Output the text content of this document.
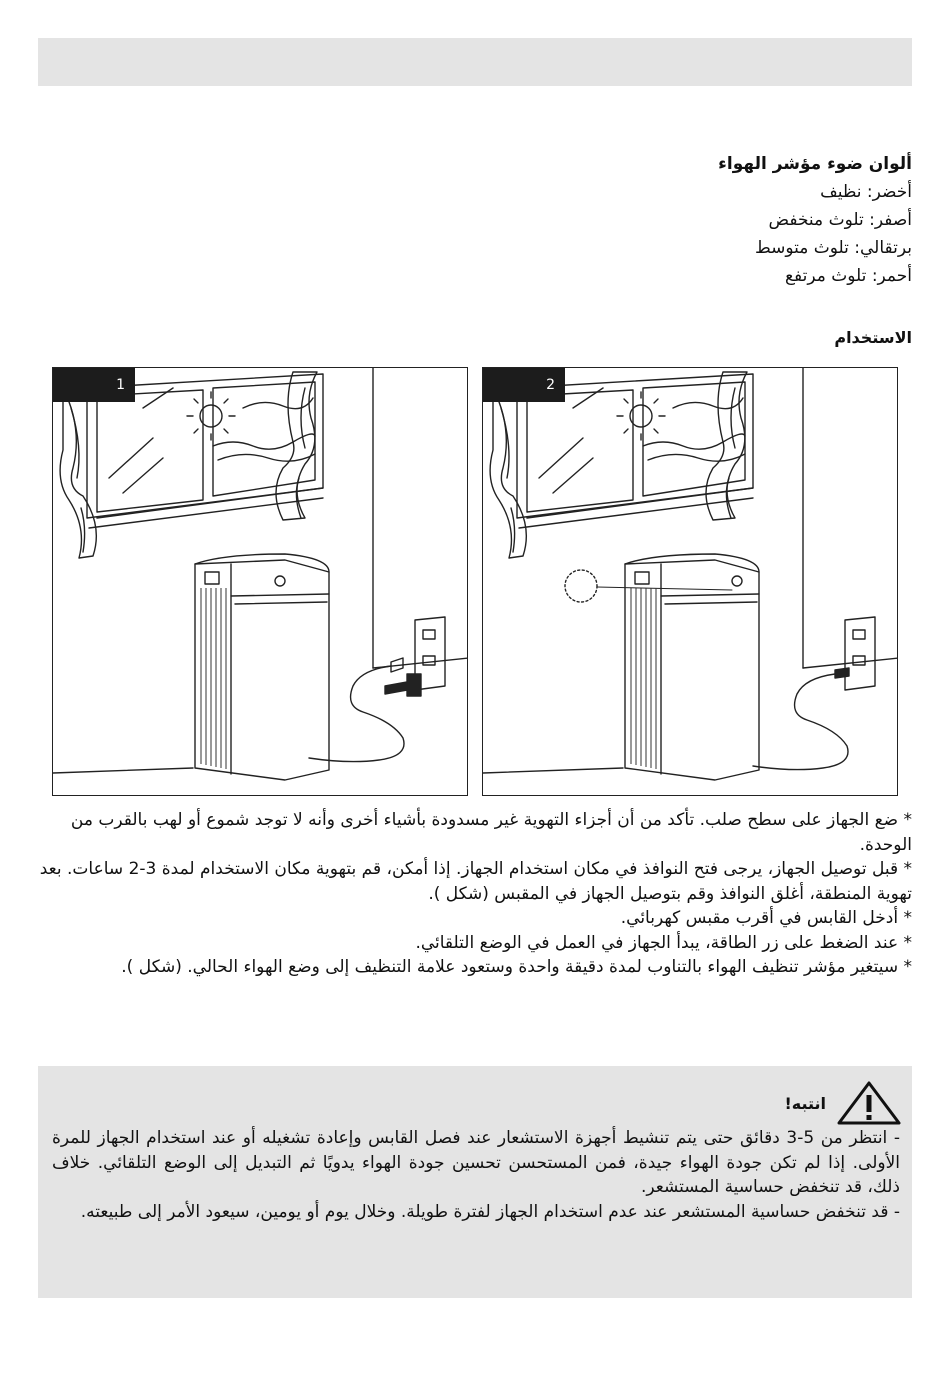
ألوان ضوء مؤشر الهواء
أخضر: نظيف
أصفر: تلوث منخفض
برتقالي: تلوث متوسط
أحمر: تلوث مرتفع
الاستخدام
1	2

* ضع الجهاز على سطح صلب. تأكد من أن أجزاء التهوية غير مسدودة بأشياء أخرى وأنه لا توجد شموع أو لهب بالقرب من الوحدة.

* قبل توصيل الجهاز، يرجى فتح النوافذ في مكان استخدام الجهاز. إذا أمكن، قم بتهوية مكان الاستخدام لمدة 3-2 ساعات. بعد تهوية المنطقة، أغلق النوافذ وقم بتوصيل الجهاز في المقبس (شكل ).

* أدخل القابس في أقرب مقبس كهربائي.

* عند الضغط على زر الطاقة، يبدأ الجهاز في العمل في الوضع التلقائي.

* سيتغير مؤشر تنظيف الهواء بالتناوب لمدة دقيقة واحدة وستعود علامة التنظيف إلى وضع الهواء الحالي. (شكل ).

انتبه!

- انتظر من 5-3 دقائق حتى يتم تنشيط أجهزة الاستشعار عند فصل القابس وإعادة تشغيله أو عند استخدام الجهاز للمرة الأولى. إذا لم تكن جودة الهواء جيدة، فمن المستحسن تحسين جودة الهواء يدويًا ثم التبديل إلى الوضع التلقائي. خلاف ذلك، قد تنخفض حساسية المستشعر.

- قد تنخفض حساسية المستشعر عند عدم استخدام الجهاز لفترة طويلة. وخلال يوم أو يومين، سيعود الأمر إلى طبيعته.
